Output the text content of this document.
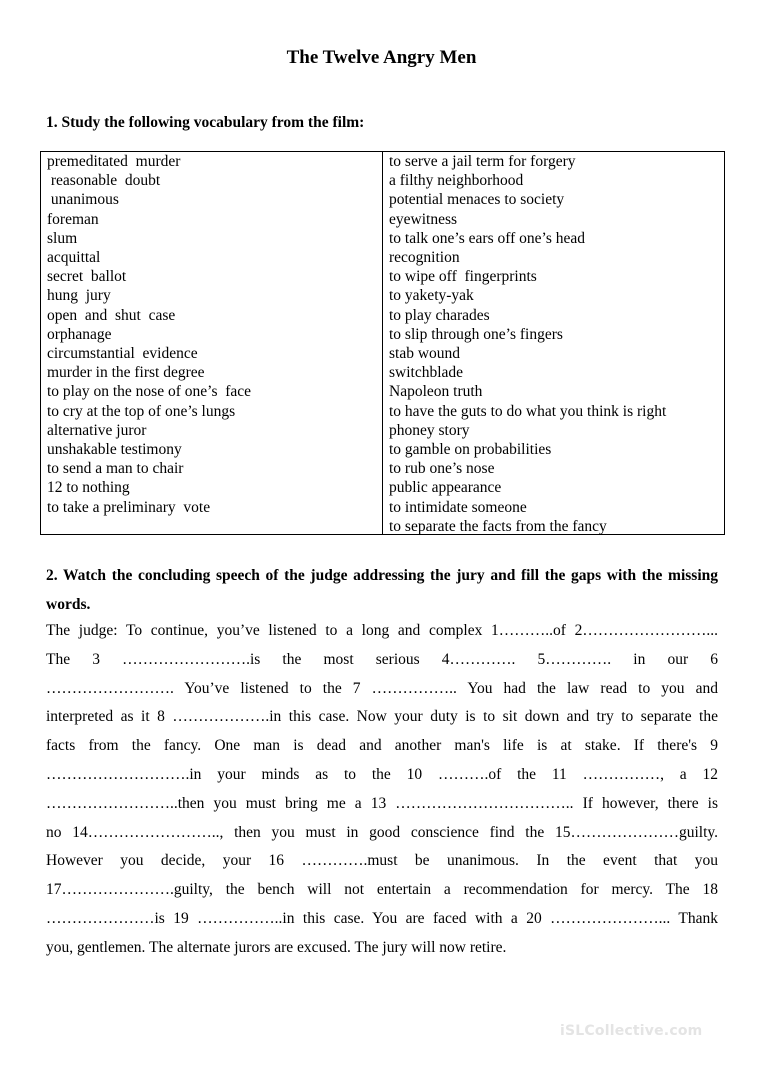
The Twelve Angry Men
1. Study the following vocabulary from the film:
premeditated  murder
reasonable  doubt
unanimous
foreman
slum
acquittal
secret  ballot
hung  jury
open  and  shut  case
orphanage
circumstantial  evidence
murder in the first degree
to play on the nose of one’s  face
to cry at the top of one’s lungs
alternative juror
unshakable testimony
to send a man to chair
12 to nothing
to take a preliminary  vote
to serve a jail term for forgery
a filthy neighborhood
potential menaces to society
eyewitness
to talk one’s ears off one’s head
recognition
to wipe off  fingerprints
to yakety-yak
to play charades
to slip through one’s fingers
stab wound
switchblade
Napoleon truth
to have the guts to do what you think is right
phoney story
to gamble on probabilities
to rub one’s nose
public appearance
to intimidate someone
to separate the facts from the fancy
2. Watch the concluding speech of the judge addressing the jury and fill the gaps with the missing words.
The judge: To continue, you’ve listened to a long and complex 1………..of 2……………………...
The 3 …………………….is the most serious 4…………. 5…………. in our 6
……………………. You’ve listened to the 7 …………….. You had the law read to you and
interpreted as it 8 ……………….in this case. Now your duty is to sit down and try to separate the
facts from the fancy. One man is dead and another man's life is at stake. If there's 9
……………………….in your minds as to the 10 ……….of the 11 ……………, a 12
……………………..then you must bring me a 13 …………………………….. If however, there is
no 14…………………….., then you must in good conscience find the 15…………………guilty.
However you decide, your 16 ………….must be unanimous. In the event that you
17………………….guilty, the bench will not entertain a recommendation for mercy. The 18
…………………is 19 ……………..in this case. You are faced with a 20 …………………... Thank
you, gentlemen. The alternate jurors are excused. The jury will now retire.
iSLCollective.com
